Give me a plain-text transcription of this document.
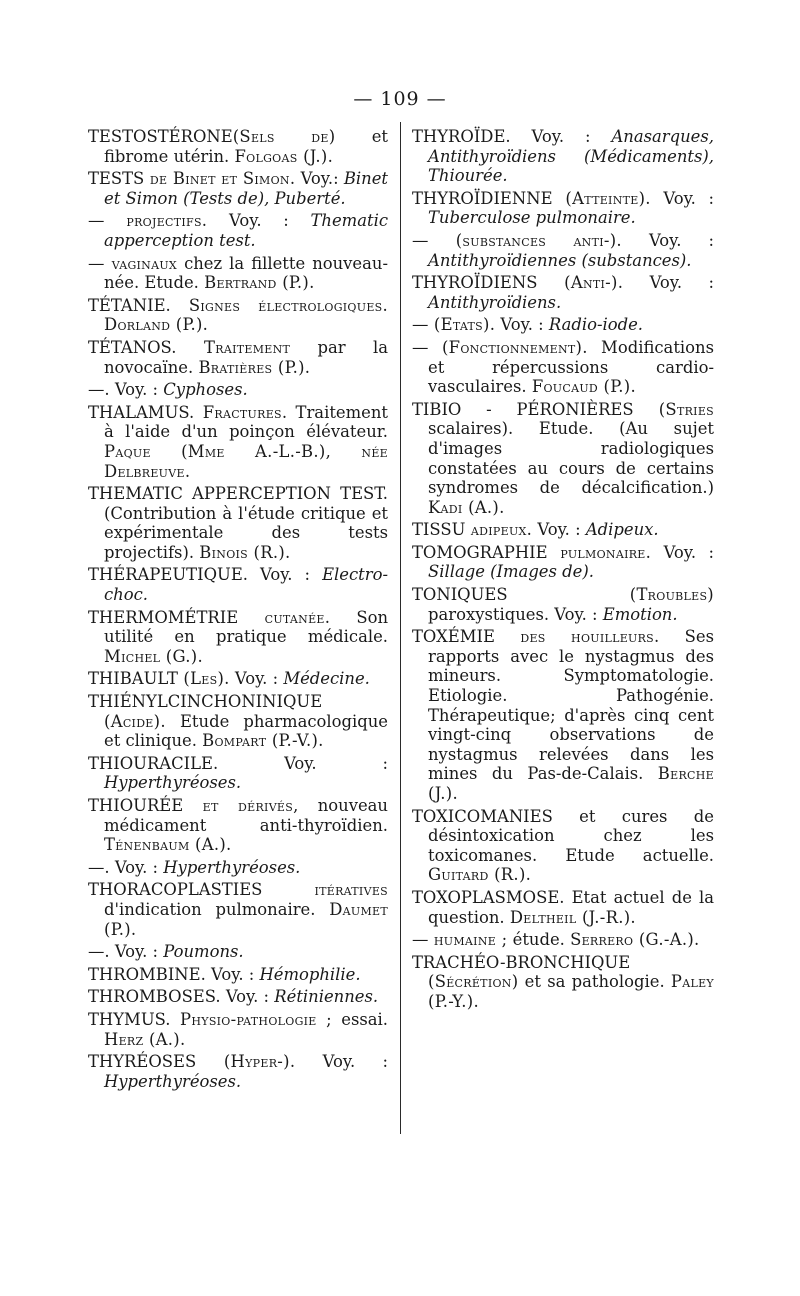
— 109 —

TESTOSTÉRONE(Sels de) et fibrome utérin. Folgoas (J.).

TESTS de Binet et Simon. Voy.: Binet et Simon (Tests de), Puberté.

— projectifs. Voy. : Thematic apperception test.

— vaginaux chez la fillette nouveau-née. Etude. Bertrand (P.).

TÉTANIE. Signes électrologiques. Dorland (P.).

TÉTANOS. Traitement par la novocaïne. Bratières (P.).

—. Voy. : Cyphoses.

THALAMUS. Fractures. Traitement à l'aide d'un poinçon élévateur. Paque (Mme A.-L.-B.), née Delbreuve.

THEMATIC APPERCEPTION TEST. (Contribution à l'étude critique et expérimentale des tests projectifs). Binois (R.).

THÉRAPEUTIQUE. Voy. : Electro-choc.

THERMOMÉTRIE cutanée. Son utilité en pratique médicale. Michel (G.).

THIBAULT (Les). Voy. : Médecine.

THIÉNYLCINCHONINIQUE (Acide). Etude pharmacologique et clinique. Bompart (P.-V.).

THIOURACILE. Voy. : Hyperthyréoses.

THIOURÉE et dérivés, nouveau médicament anti-thyroïdien. Ténenbaum (A.).

—. Voy. : Hyperthyréoses.

THORACOPLASTIES itératives d'indication pulmonaire. Daumet (P.).

—. Voy. : Poumons.

THROMBINE. Voy. : Hémophilie.

THROMBOSES. Voy. : Rétiniennes.

THYMUS. Physio-pathologie ; essai. Herz (A.).

THYRÉOSES (Hyper-). Voy. : Hyperthyréoses.

THYROÏDE. Voy. : Anasarques, Antithyroïdiens (Médicaments), Thiourée.

THYROÏDIENNE (Atteinte). Voy. : Tuberculose pulmonaire.

— (substances anti-). Voy. : Antithyroïdiennes (substances).

THYROÏDIENS (Anti-). Voy. : Antithyroïdiens.

— (Etats). Voy. : Radio-iode.

— (Fonctionnement). Modifications et répercussions cardio-vasculaires. Foucaud (P.).

TIBIO - PÉRONIÈRES (Stries scalaires). Etude. (Au sujet d'images radiologiques constatées au cours de certains syndromes de décalcification.) Kadi (A.).

TISSU adipeux. Voy. : Adipeux.

TOMOGRAPHIE pulmonaire. Voy. : Sillage (Images de).

TONIQUES (Troubles) paroxystiques. Voy. : Emotion.

TOXÉMIE des houilleurs. Ses rapports avec le nystagmus des mineurs. Symptomatologie. Etiologie. Pathogénie. Thérapeutique; d'après cinq cent vingt-cinq observations de nystagmus relevées dans les mines du Pas-de-Calais. Berche (J.).

TOXICOMANIES et cures de désintoxication chez les toxicomanes. Etude actuelle. Guitard (R.).

TOXOPLASMOSE. Etat actuel de la question. Deltheil (J.-R.).

— humaine ; étude. Serrero (G.-A.).

TRACHÉO-BRONCHIQUE (Sécrétion) et sa pathologie. Paley (P.-Y.).
